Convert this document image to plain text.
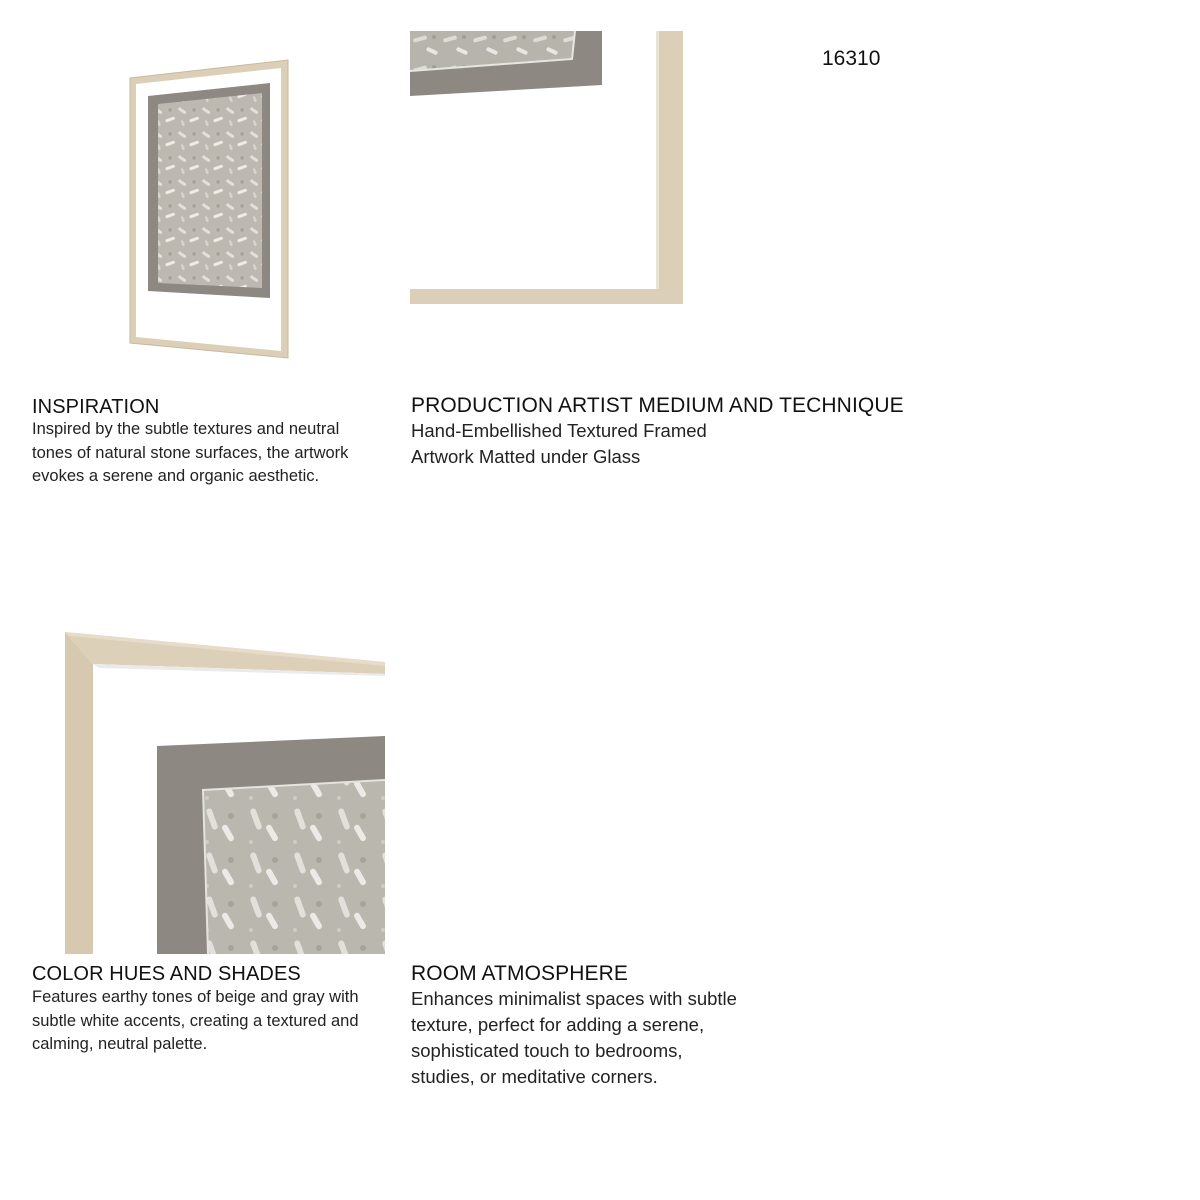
16310
INSPIRATION
Inspired by the subtle textures and neutral
tones of natural stone surfaces, the artwork
evokes a serene and organic aesthetic.
PRODUCTION ARTIST MEDIUM AND TECHNIQUE
Hand-Embellished Textured Framed
Artwork Matted under Glass
COLOR HUES AND SHADES
Features earthy tones of beige and gray with
subtle white accents, creating a textured and
calming, neutral palette.
ROOM ATMOSPHERE
Enhances minimalist spaces with subtle
texture, perfect for adding a serene,
sophisticated touch to bedrooms,
studies, or meditative corners.
